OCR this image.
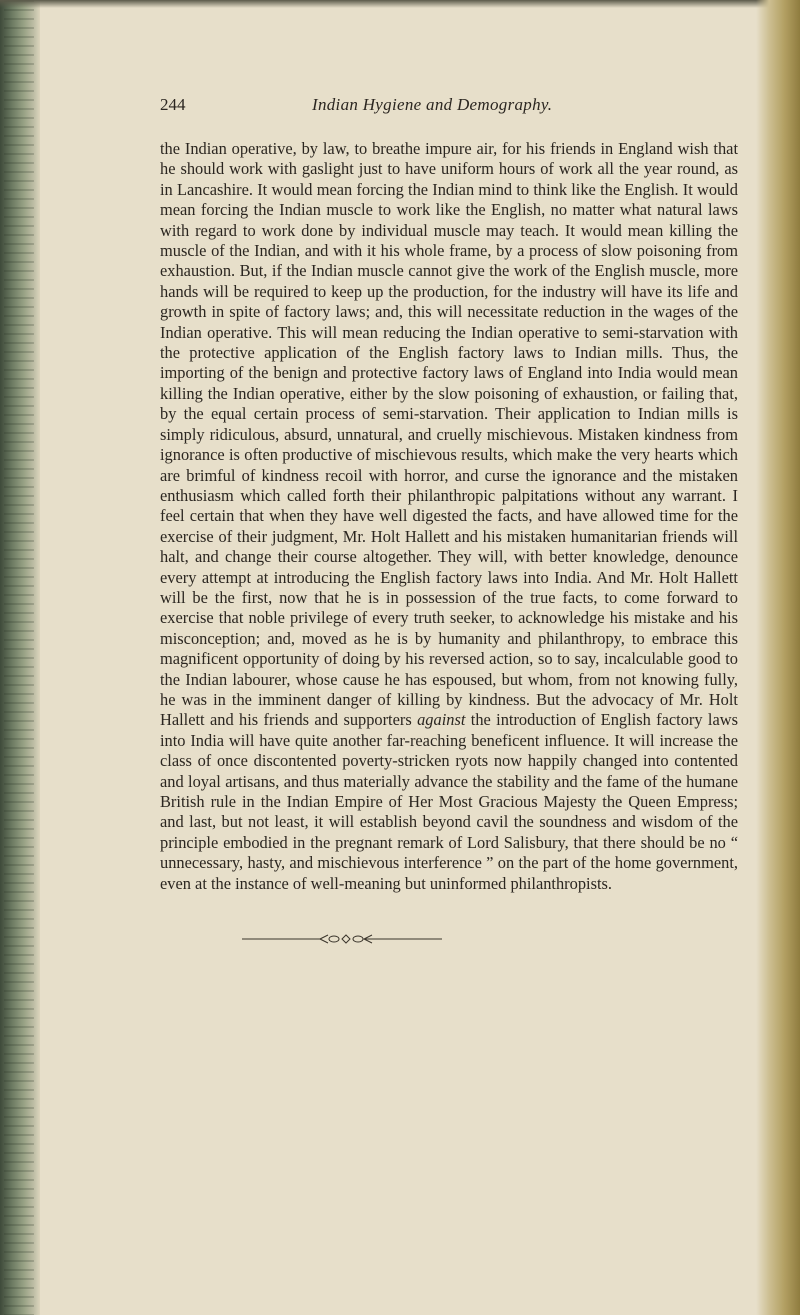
244	Indian Hygiene and Demography.

the Indian operative, by law, to breathe impure air, for his friends in England wish that he should work with gaslight just to have uniform hours of work all the year round, as in Lancashire. It would mean forcing the Indian mind to think like the English. It would mean forcing the Indian muscle to work like the English, no matter what natural laws with regard to work done by individual muscle may teach. It would mean killing the muscle of the Indian, and with it his whole frame, by a process of slow poisoning from exhaustion. But, if the Indian muscle cannot give the work of the English muscle, more hands will be required to keep up the production, for the industry will have its life and growth in spite of factory laws; and, this will necessitate reduction in the wages of the Indian operative. This will mean reducing the Indian operative to semi-starvation with the protective application of the English factory laws to Indian mills. Thus, the importing of the benign and protective factory laws of England into India would mean killing the Indian operative, either by the slow poisoning of exhaustion, or failing that, by the equal certain process of semi-starvation. Their application to Indian mills is simply ridiculous, absurd, unnatural, and cruelly mischievous. Mistaken kindness from ignorance is often productive of mischievous results, which make the very hearts which are brimful of kindness recoil with horror, and curse the ignorance and the mistaken enthusiasm which called forth their philanthropic palpitations without any warrant. I feel certain that when they have well digested the facts, and have allowed time for the exercise of their judgment, Mr. Holt Hallett and his mistaken humanitarian friends will halt, and change their course altogether. They will, with better knowledge, denounce every attempt at introducing the English factory laws into India. And Mr. Holt Hallett will be the first, now that he is in possession of the true facts, to come forward to exercise that noble privilege of every truth seeker, to acknowledge his mistake and his misconception; and, moved as he is by humanity and philanthropy, to embrace this magnificent opportunity of doing by his reversed action, so to say, incalculable good to the Indian labourer, whose cause he has espoused, but whom, from not knowing fully, he was in the imminent danger of killing by kindness. But the advocacy of Mr. Holt Hallett and his friends and supporters against the introduction of English factory laws into India will have quite another far-reaching beneficent influence. It will increase the class of once discontented poverty-stricken ryots now happily changed into contented and loyal artisans, and thus materially advance the stability and the fame of the humane British rule in the Indian Empire of Her Most Gracious Majesty the Queen Empress; and last, but not least, it will establish beyond cavil the soundness and wisdom of the principle embodied in the pregnant remark of Lord Salisbury, that there should be no “ unnecessary, hasty, and mischievous interference ” on the part of the home government, even at the instance of well-meaning but uninformed philanthropists.
